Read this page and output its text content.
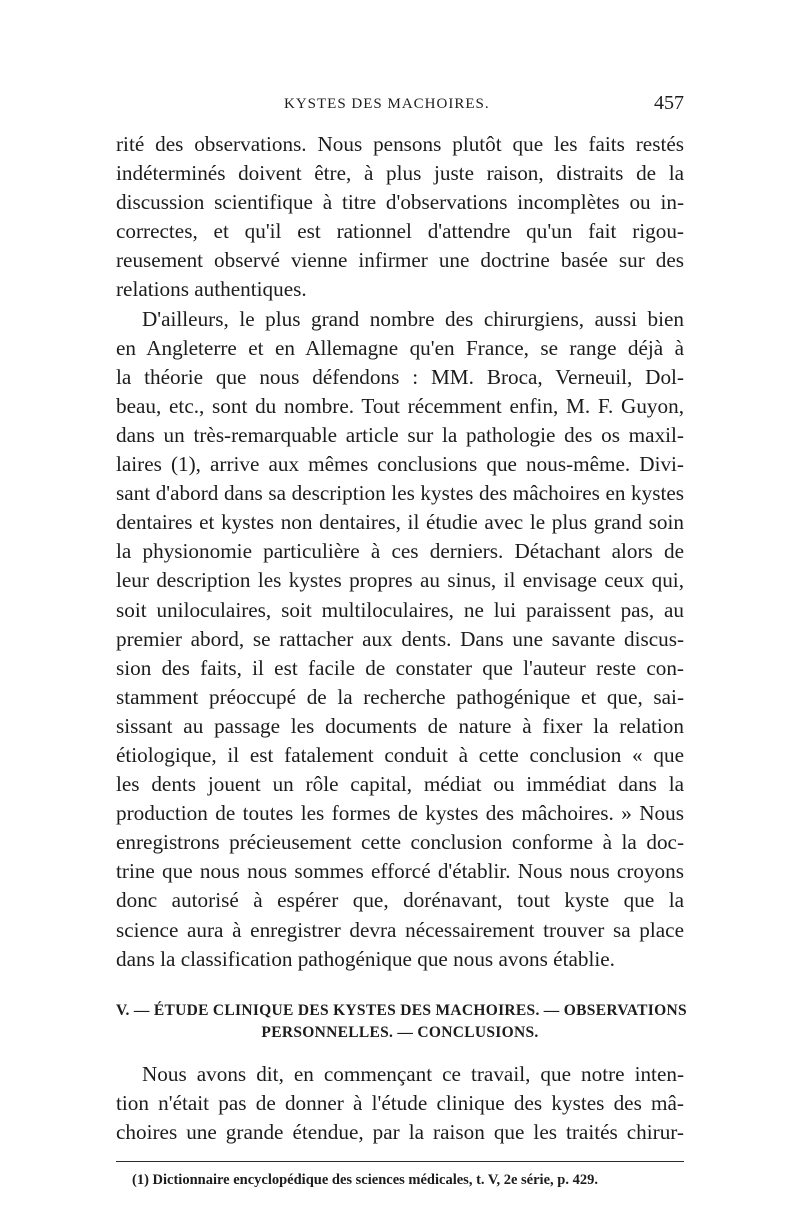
KYSTES DES MACHOIRES.	457
rité des observations. Nous pensons plutôt que les faits restés
indéterminés doivent être, à plus juste raison, distraits de la
discussion scientifique à titre d'observations incomplètes ou in-
correctes, et qu'il est rationnel d'attendre qu'un fait rigou-
reusement observé vienne infirmer une doctrine basée sur des
relations authentiques.
D'ailleurs, le plus grand nombre des chirurgiens, aussi bien
en Angleterre et en Allemagne qu'en France, se range déjà à
la théorie que nous défendons : MM. Broca, Verneuil, Dol-
beau, etc., sont du nombre. Tout récemment enfin, M. F. Guyon,
dans un très-remarquable article sur la pathologie des os maxil-
laires (1), arrive aux mêmes conclusions que nous-même. Divi-
sant d'abord dans sa description les kystes des mâchoires en kystes
dentaires et kystes non dentaires, il étudie avec le plus grand soin
la physionomie particulière à ces derniers. Détachant alors de
leur description les kystes propres au sinus, il envisage ceux qui,
soit uniloculaires, soit multiloculaires, ne lui paraissent pas, au
premier abord, se rattacher aux dents. Dans une savante discus-
sion des faits, il est facile de constater que l'auteur reste con-
stamment préoccupé de la recherche pathogénique et que, sai-
sissant au passage les documents de nature à fixer la relation
étiologique, il est fatalement conduit à cette conclusion « que
les dents jouent un rôle capital, médiat ou immédiat dans la
production de toutes les formes de kystes des mâchoires. » Nous
enregistrons précieusement cette conclusion conforme à la doc-
trine que nous nous sommes efforcé d'établir. Nous nous croyons
donc autorisé à espérer que, dorénavant, tout kyste que la
science aura à enregistrer devra nécessairement trouver sa place
dans la classification pathogénique que nous avons établie.
V. — ÉTUDE CLINIQUE DES KYSTES DES MACHOIRES. — OBSERVATIONS
PERSONNELLES. — CONCLUSIONS.
Nous avons dit, en commençant ce travail, que notre inten-
tion n'était pas de donner à l'étude clinique des kystes des mâ-
choires une grande étendue, par la raison que les traités chirur-
(1) Dictionnaire encyclopédique des sciences médicales, t. V, 2e série, p. 429.
